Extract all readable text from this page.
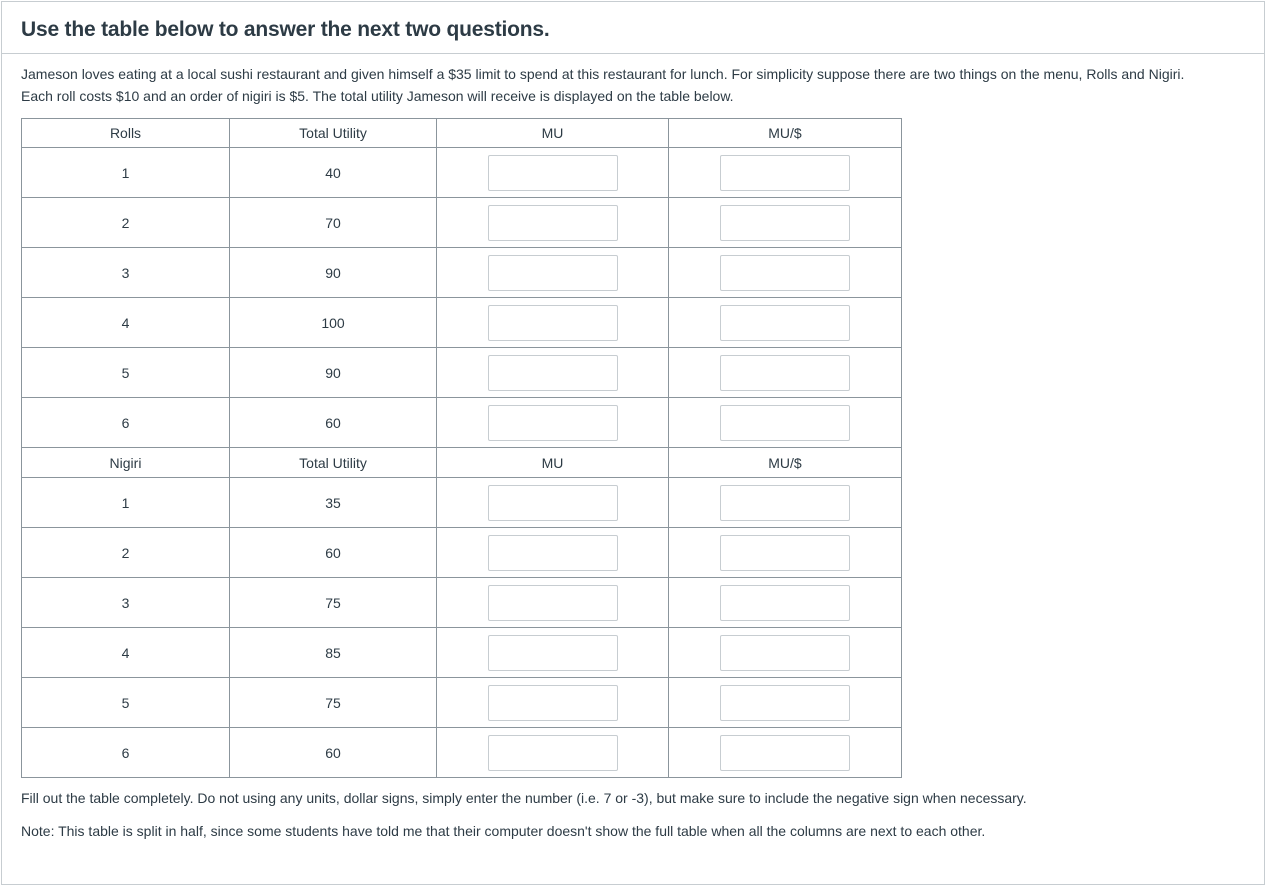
Use the table below to answer the next two questions.

Jameson loves eating at a local sushi restaurant and given himself a $35 limit to spend at this restaurant for lunch. For simplicity suppose there are two things on the menu, Rolls and Nigiri.
Each roll costs $10 and an order of nigiri is $5. The total utility Jameson will receive is displayed on the table below.

Rolls	Total Utility	MU	MU/$
1	40		
2	70		
3	90		
4	100		
5	90		
6	60		
Nigiri	Total Utility	MU	MU/$
1	35		
2	60		
3	75		
4	85		
5	75		
6	60		

Fill out the table completely. Do not using any units, dollar signs, simply enter the number (i.e. 7 or -3), but make sure to include the negative sign when necessary.

Note: This table is split in half, since some students have told me that their computer doesn't show the full table when all the columns are next to each other.
